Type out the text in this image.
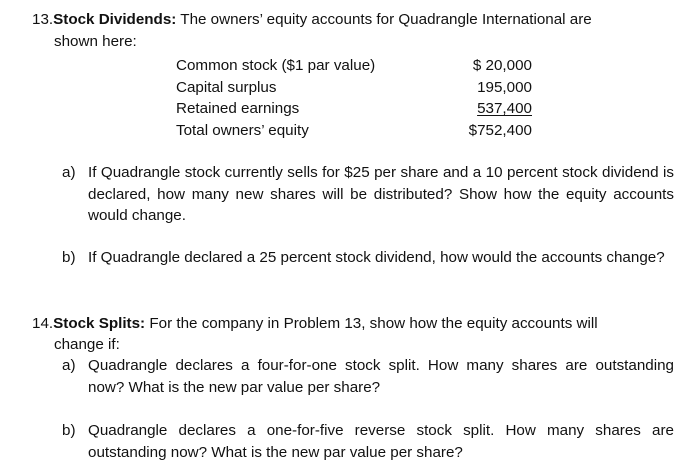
13.Stock Dividends: The owners’ equity accounts for Quadrangle International are
shown here:
Common stock ($1 par value)	$ 20,000
Capital surplus	195,000
Retained earnings	537,400
Total owners’ equity	$752,400
a) If Quadrangle stock currently sells for $25 per share and a 10 percent stock dividend is declared, how many new shares will be distributed? Show how the equity accounts would change.
b) If Quadrangle declared a 25 percent stock dividend, how would the accounts change?
14.Stock Splits: For the company in Problem 13, show how the equity accounts will
change if:
a) Quadrangle declares a four-for-one stock split. How many shares are outstanding now? What is the new par value per share?
b) Quadrangle declares a one-for-five reverse stock split. How many shares are outstanding now? What is the new par value per share?
